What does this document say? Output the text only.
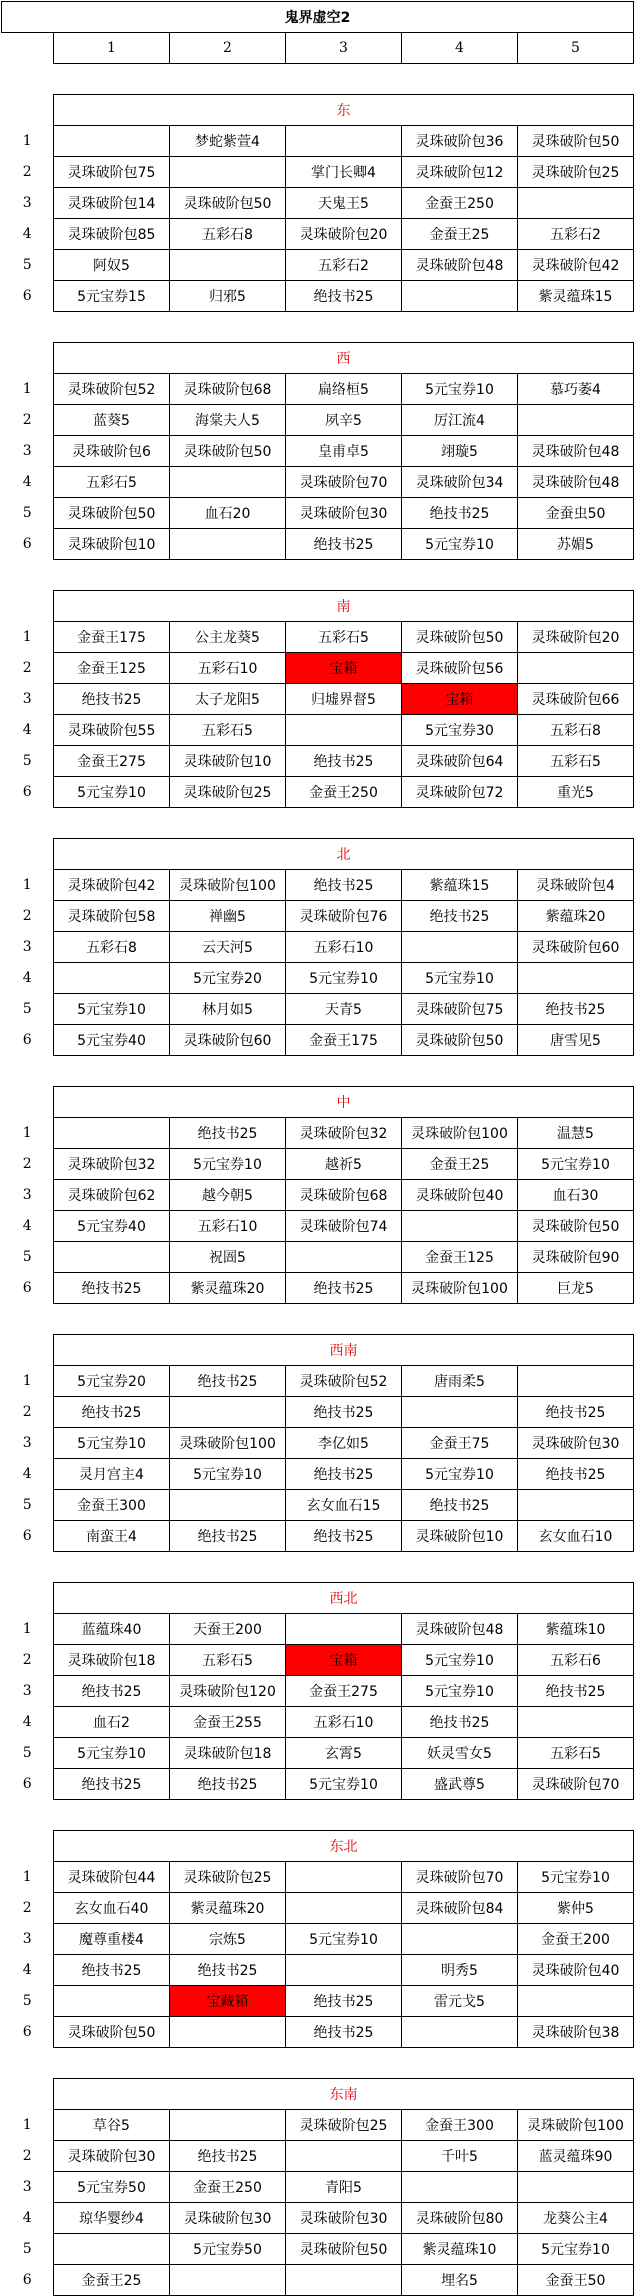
鬼界虚空2					
	1	2	3	4	5

	东				
1		梦蛇紫萱4		灵珠破阶包36	灵珠破阶包50
2	灵珠破阶包75		掌门长卿4	灵珠破阶包12	灵珠破阶包25
3	灵珠破阶包14	灵珠破阶包50	天鬼王5	金蚕王250	
4	灵珠破阶包85	五彩石8	灵珠破阶包20	金蚕王25	五彩石2
5	阿奴5		五彩石2	灵珠破阶包48	灵珠破阶包42
6	5元宝券15	归邪5	绝技书25		紫灵蕴珠15

	西				
1	灵珠破阶包52	灵珠破阶包68	扁络桓5	5元宝券10	慕巧萎4
2	蓝葵5	海棠夫人5	夙辛5	厉江流4	
3	灵珠破阶包6	灵珠破阶包50	皇甫卓5	翊璇5	灵珠破阶包48
4	五彩石5		灵珠破阶包70	灵珠破阶包34	灵珠破阶包48
5	灵珠破阶包50	血石20	灵珠破阶包30	绝技书25	金蚕虫50
6	灵珠破阶包10		绝技书25	5元宝券10	苏媚5

	南				
1	金蚕王175	公主龙葵5	五彩石5	灵珠破阶包50	灵珠破阶包20
2	金蚕王125	五彩石10	宝箱	灵珠破阶包56	
3	绝技书25	太子龙阳5	归墟界督5	宝箱	灵珠破阶包66
4	灵珠破阶包55	五彩石5		5元宝券30	五彩石8
5	金蚕王275	灵珠破阶包10	绝技书25	灵珠破阶包64	五彩石5
6	5元宝券10	灵珠破阶包25	金蚕王250	灵珠破阶包72	重光5

	北				
1	灵珠破阶包42	灵珠破阶包100	绝技书25	紫蕴珠15	灵珠破阶包4
2	灵珠破阶包58	禅幽5	灵珠破阶包76	绝技书25	紫蕴珠20
3	五彩石8	云天河5	五彩石10		灵珠破阶包60
4		5元宝券20	5元宝券10	5元宝券10	
5	5元宝券10	林月如5	天青5	灵珠破阶包75	绝技书25
6	5元宝券40	灵珠破阶包60	金蚕王175	灵珠破阶包50	唐雪见5

	中				
1		绝技书25	灵珠破阶包32	灵珠破阶包100	温慧5
2	灵珠破阶包32	5元宝券10	越祈5	金蚕王25	5元宝券10
3	灵珠破阶包62	越今朝5	灵珠破阶包68	灵珠破阶包40	血石30
4	5元宝券40	五彩石10	灵珠破阶包74		灵珠破阶包50
5		祝圄5		金蚕王125	灵珠破阶包90
6	绝技书25	紫灵蕴珠20	绝技书25	灵珠破阶包100	巨龙5

	西南				
1	5元宝券20	绝技书25	灵珠破阶包52	唐雨柔5	
2	绝技书25		绝技书25		绝技书25
3	5元宝券10	灵珠破阶包100	李亿如5	金蚕王75	灵珠破阶包30
4	灵月宫主4	5元宝券10	绝技书25	5元宝券10	绝技书25
5	金蚕王300		玄女血石15	绝技书25	
6	南蛮王4	绝技书25	绝技书25	灵珠破阶包10	玄女血石10

	西北				
1	蓝蕴珠40	天蚕王200		灵珠破阶包48	紫蕴珠10
2	灵珠破阶包18	五彩石5	宝箱	5元宝券10	五彩石6
3	绝技书25	灵珠破阶包120	金蚕王275	5元宝券10	绝技书25
4	血石2	金蚕王255	五彩石10	绝技书25	
5	5元宝券10	灵珠破阶包18	玄霄5	妖灵雪女5	五彩石5
6	绝技书25	绝技书25	5元宝券10	盛武尊5	灵珠破阶包70

	东北				
1	灵珠破阶包44	灵珠破阶包25		灵珠破阶包70	5元宝券10
2	玄女血石40	紫灵蕴珠20		灵珠破阶包84	紫仲5
3	魔尊重楼4	宗炼5	5元宝券10		金蚕王200
4	绝技书25	绝技书25		明秀5	灵珠破阶包40
5		宝藏箱	绝技书25	雷元戈5	
6	灵珠破阶包50		绝技书25		灵珠破阶包38

	东南				
1	草谷5		灵珠破阶包25	金蚕王300	灵珠破阶包100
2	灵珠破阶包30	绝技书25		千叶5	蓝灵蕴珠90
3	5元宝券50	金蚕王250	青阳5		
4	琼华婴纱4	灵珠破阶包30	灵珠破阶包30	灵珠破阶包80	龙葵公主4
5		5元宝券50	灵珠破阶包50	紫灵蕴珠10	5元宝券10
6	金蚕王25			埋名5	金蚕王50
